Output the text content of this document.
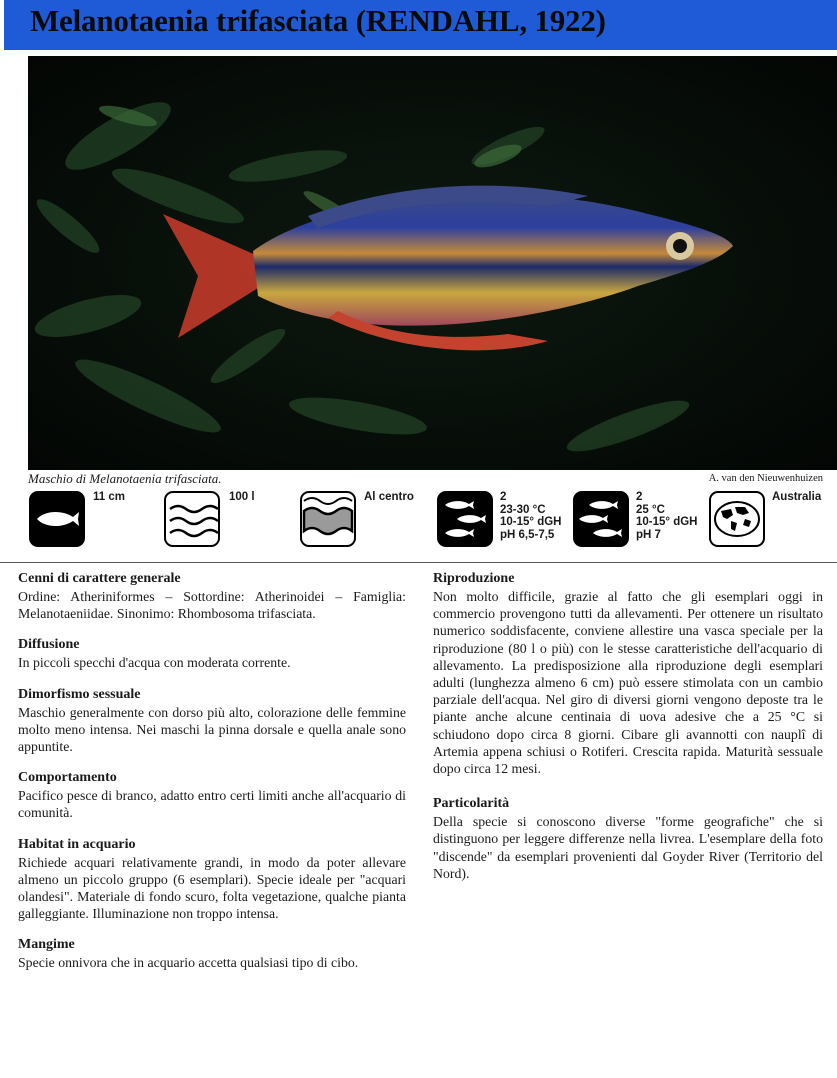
Melanotaenia trifasciata (RENDAHL, 1922)
Maschio di Melanotaenia trifasciata.	A. van den Nieuwenhuizen
11 cm	100 l	Al centro	2
23-30 °C
10-15° dGH
pH 6,5-7,5
2
25 °C
10-15° dGH
pH 7
Australia
Cenni di carattere generale

Ordine: Atheriniformes – Sottordine: Atherinoidei – Famiglia: Melanotaeniidae. Sinonimo: Rhombosoma trifasciata.

Diffusione

In piccoli specchi d'acqua con moderata corrente.

Dimorfismo sessuale

Maschio generalmente con dorso più alto, colorazione delle femmine molto meno intensa. Nei maschi la pinna dorsale e quella anale sono appuntite.

Comportamento

Pacifico pesce di branco, adatto entro certi limiti anche all'acquario di comunità.

Habitat in acquario

Richiede acquari relativamente grandi, in modo da poter allevare almeno un piccolo gruppo (6 esemplari). Specie ideale per "acquari olandesi". Materiale di fondo scuro, folta vegetazione, qualche pianta galleggiante. Illuminazione non troppo intensa.

Mangime

Specie onnivora che in acquario accetta qualsiasi tipo di cibo.

Riproduzione

Non molto difficile, grazie al fatto che gli esemplari oggi in commercio provengono tutti da allevamenti. Per ottenere un risultato numerico soddisfacente, conviene allestire una vasca speciale per la riproduzione (80 l o più) con le stesse caratteristiche dell'acquario di allevamento. La predisposizione alla riproduzione degli esemplari adulti (lunghezza almeno 6 cm) può essere stimolata con un cambio parziale dell'acqua. Nel giro di diversi giorni vengono deposte tra le piante anche alcune centinaia di uova adesive che a 25 °C si schiudono dopo circa 8 giorni. Cibare gli avannotti con nauplî di Artemia appena schiusi o Rotiferi. Crescita rapida. Maturità sessuale dopo circa 12 mesi.

Particolarità

Della specie si conoscono diverse "forme geografiche" che si distinguono per leggere differenze nella livrea. L'esemplare della foto "discende" da esemplari provenienti dal Goyder River (Territorio del Nord).
